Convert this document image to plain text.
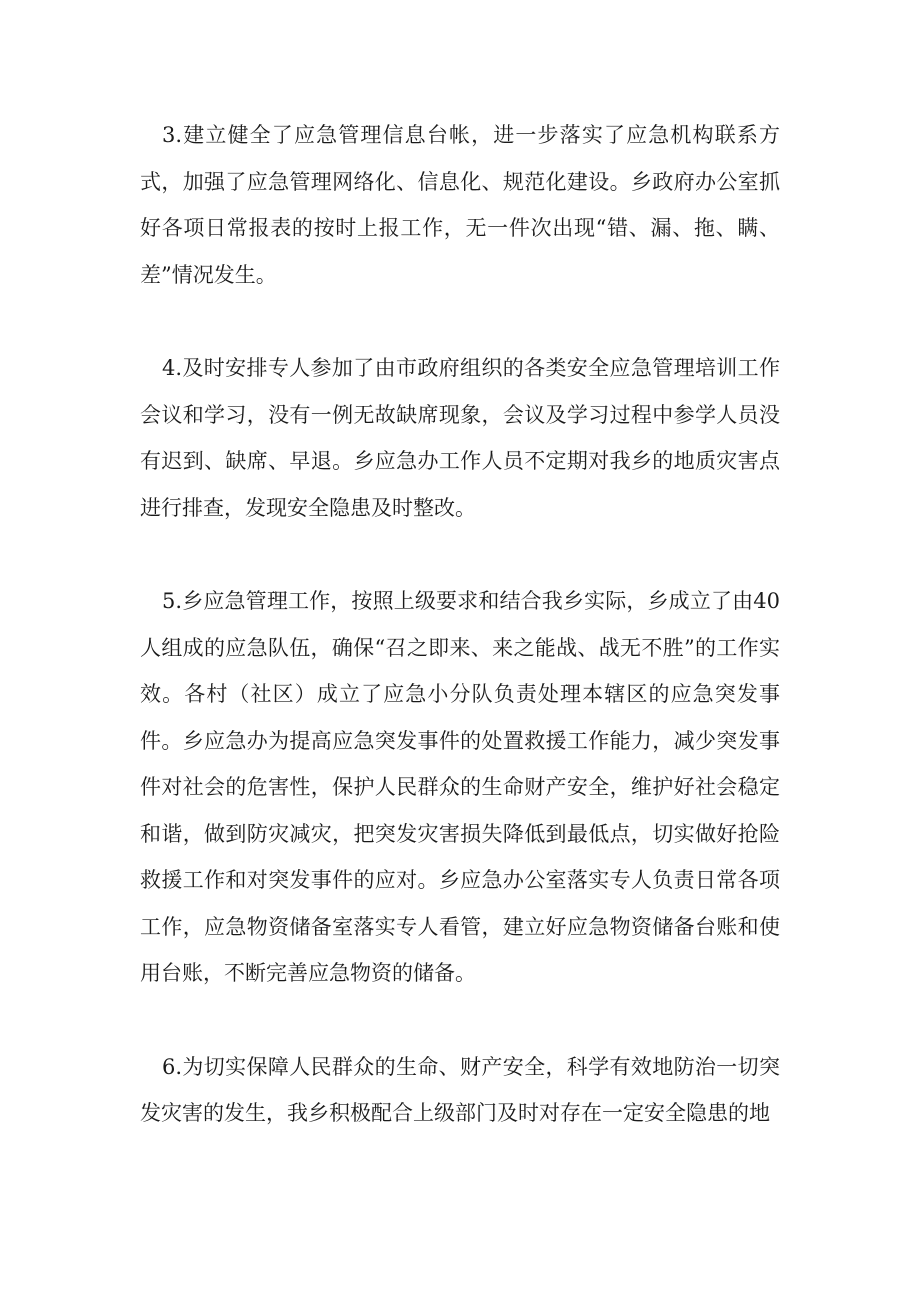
3.建立健全了应急管理信息台帐，进一步落实了应急机构联系方式，加强了应急管理网络化、信息化、规范化建设。乡政府办公室抓好各项日常报表的按时上报工作，无一件次出现“错、漏、拖、瞒、差”情况发生。

4.及时安排专人参加了由市政府组织的各类安全应急管理培训工作会议和学习，没有一例无故缺席现象，会议及学习过程中参学人员没有迟到、缺席、早退。乡应急办工作人员不定期对我乡的地质灾害点进行排查，发现安全隐患及时整改。

5.乡应急管理工作，按照上级要求和结合我乡实际，乡成立了由40人组成的应急队伍，确保“召之即来、来之能战、战无不胜”的工作实效。各村（社区）成立了应急小分队负责处理本辖区的应急突发事件。乡应急办为提高应急突发事件的处置救援工作能力，减少突发事件对社会的危害性，保护人民群众的生命财产安全，维护好社会稳定和谐，做到防灾减灾，把突发灾害损失降低到最低点，切实做好抢险救援工作和对突发事件的应对。乡应急办公室落实专人负责日常各项工作，应急物资储备室落实专人看管，建立好应急物资储备台账和使用台账，不断完善应急物资的储备。

6.为切实保障人民群众的生命、财产安全，科学有效地防治一切突发灾害的发生，我乡积极配合上级部门及时对存在一定安全隐患的地
